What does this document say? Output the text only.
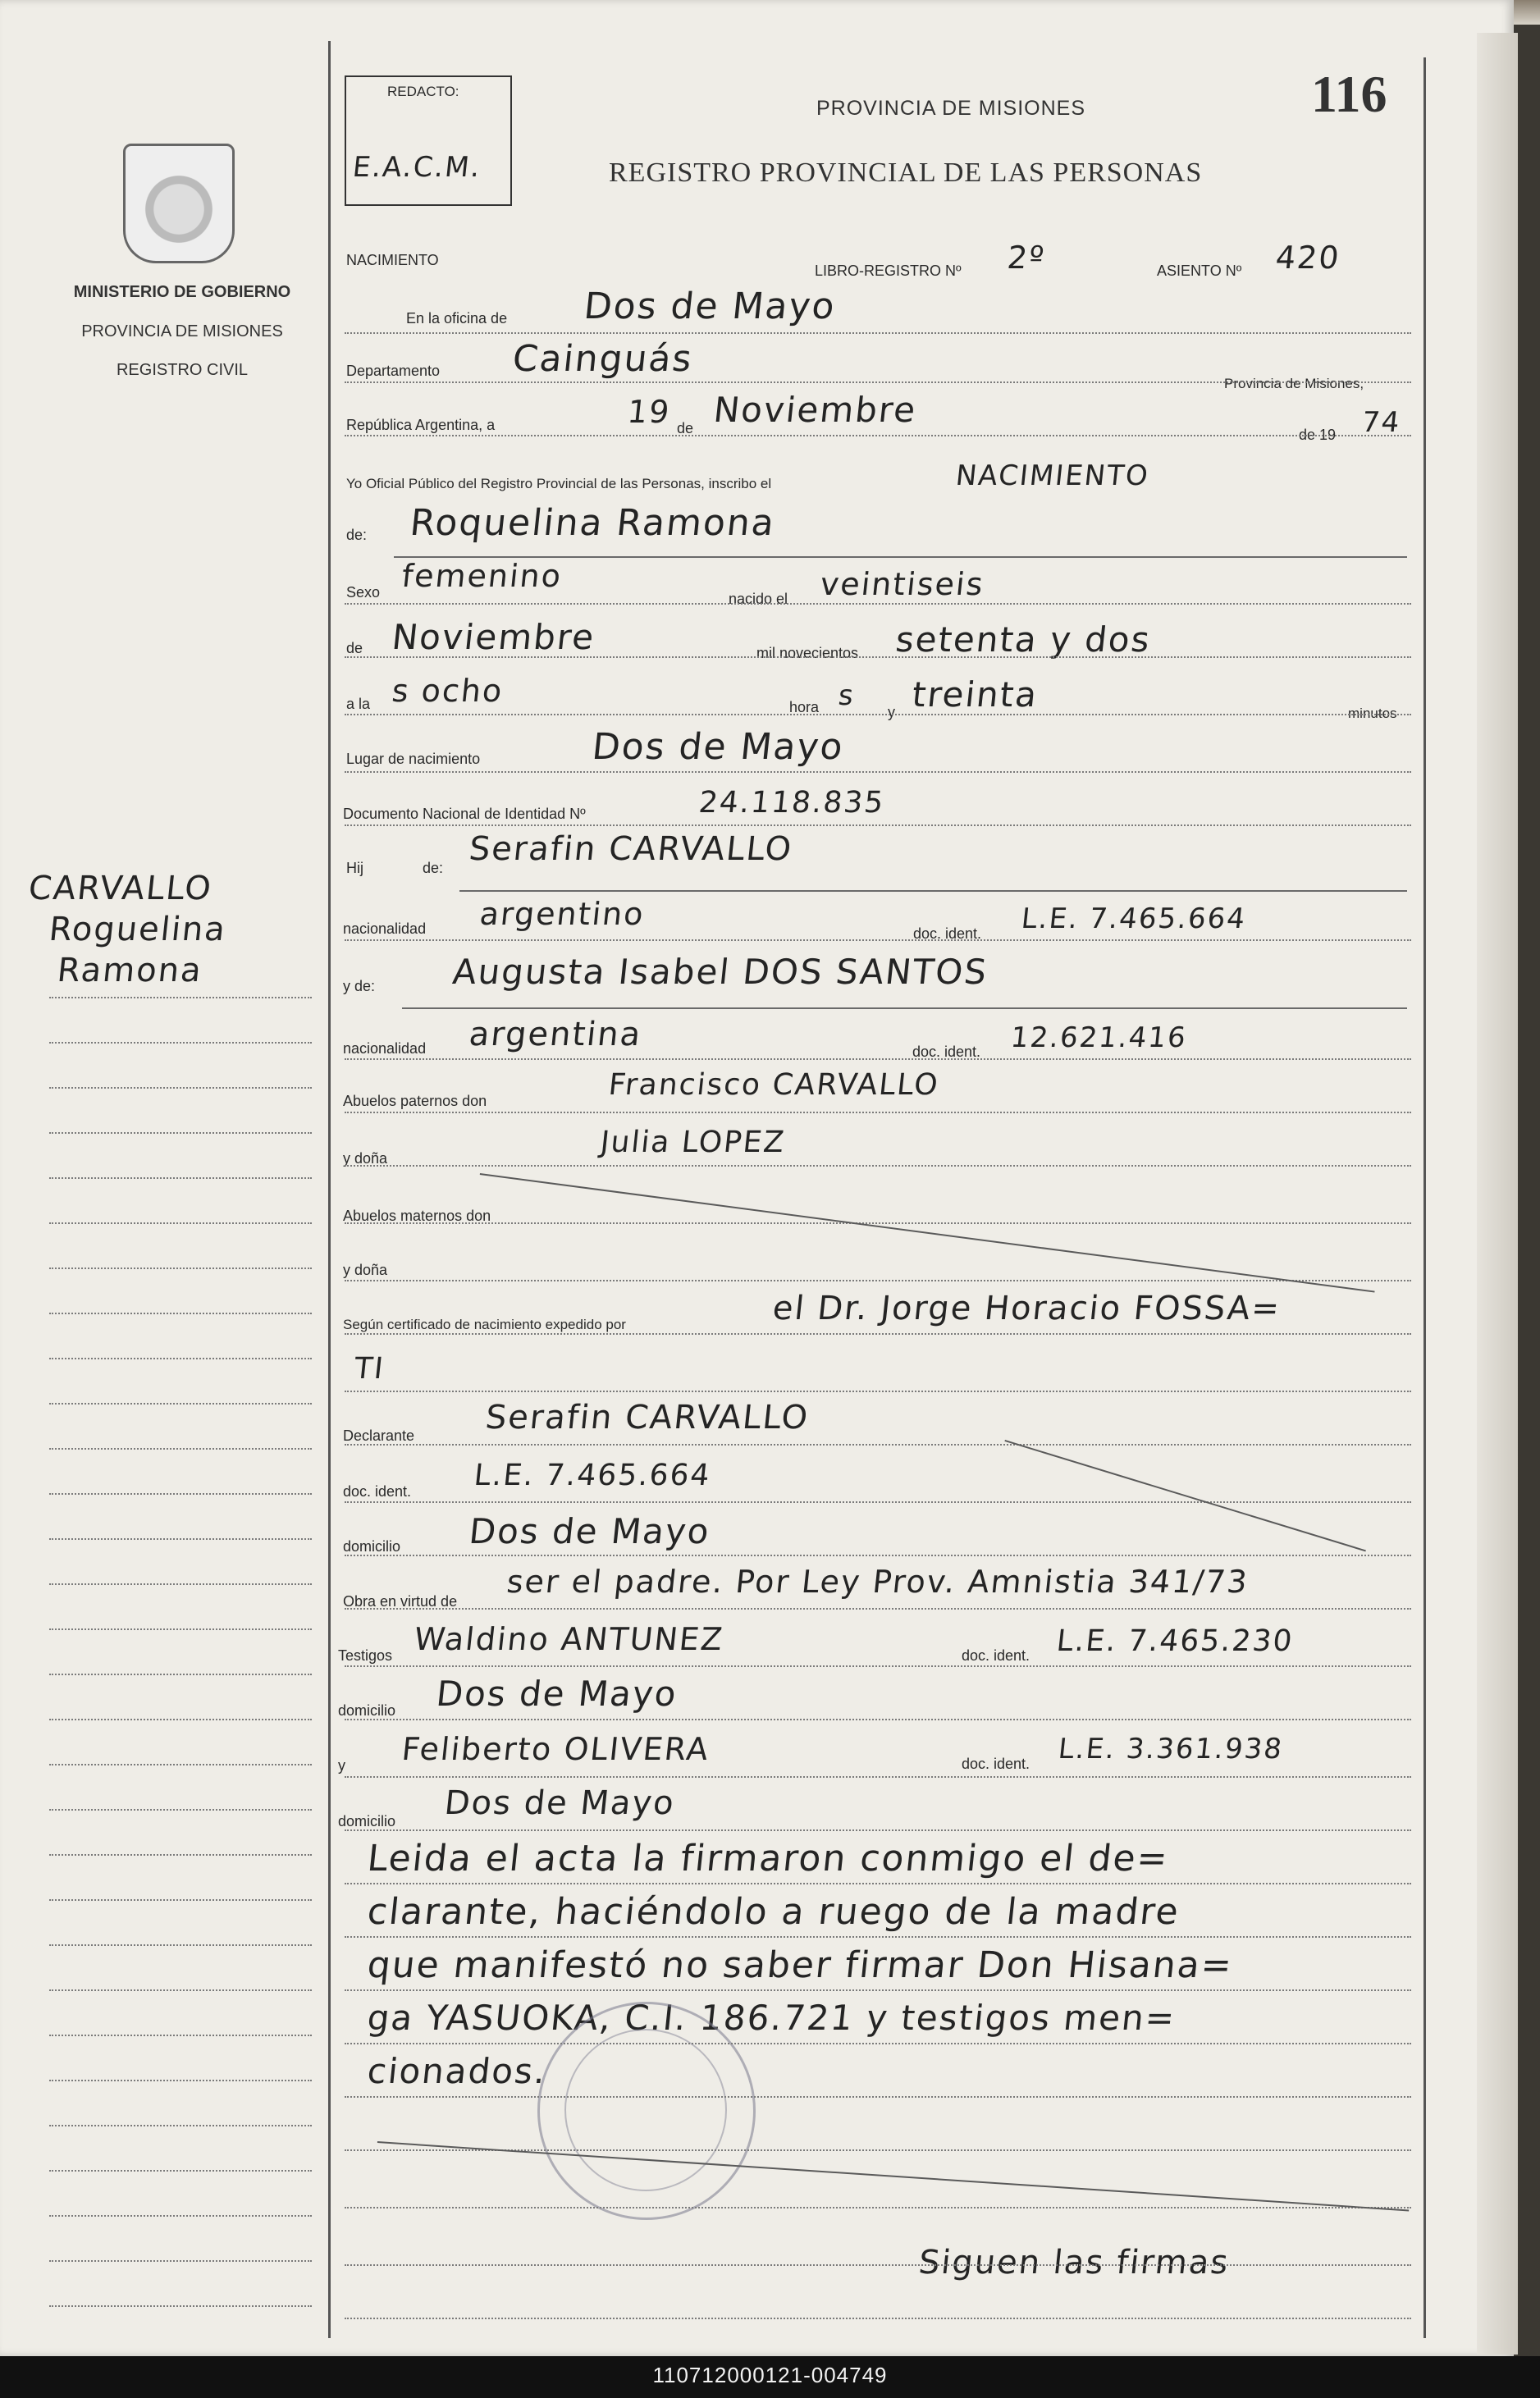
MINISTERIO DE GOBIERNO
PROVINCIA DE MISIONES
REGISTRO CIVIL
REDACTO:
E.A.C.M.
PROVINCIA DE MISIONES
REGISTRO PROVINCIAL DE LAS PERSONAS
116
CARVALLO
Roguelina
Ramona
NACIMIENTO
LIBRO-REGISTRO Nº 2º	ASIENTO Nº 420
En la oficina de Dos de Mayo
Departamento Cainguás
Provincia de Misiones,
República Argentina, a	19 de Noviembre
de 19 74
Yo Oficial Público del Registro Provincial de las Personas, inscribo el	NACIMIENTO
de: Roquelina Ramona
Sexo femenino
nacido el veintiseis
de Noviembre	mil novecientos setenta y dos
a la s ocho	hora s y treinta	minutos
Lugar de nacimiento	Dos de Mayo
Documento Nacional de Identidad Nº	24.118.835
Hij	de: Serafin CARVALLO
nacionalidad argentino
doc. ident. L.E. 7.465.664
y de: Augusta Isabel DOS SANTOS
nacionalidad argentina	doc. ident. 12.621.416
Abuelos paternos don	Francisco CARVALLO
y doña	Julia LOPEZ
Abuelos maternos don
y doña
Según certificado de nacimiento expedido por	el Dr. Jorge Horacio FOSSA=
TI
Declarante Serafin CARVALLO
doc. ident. L.E. 7.465.664
domicilio Dos de Mayo
Obra en virtud de
ser el padre. Por Ley Prov. Amnistia 341/73
Testigos Waldino ANTUNEZ	doc. ident. L.E. 7.465.230
domicilio Dos de Mayo
y Feliberto OLIVERA	doc. ident. L.E. 3.361.938
domicilio Dos de Mayo
Leida el acta la firmaron conmigo el de=
clarante, haciéndolo a ruego de la madre
que manifestó no saber firmar Don Hisana=
ga YASUOKA, C.I. 186.721 y testigos men=
cionados.
Siguen las firmas
110712000121-004749
